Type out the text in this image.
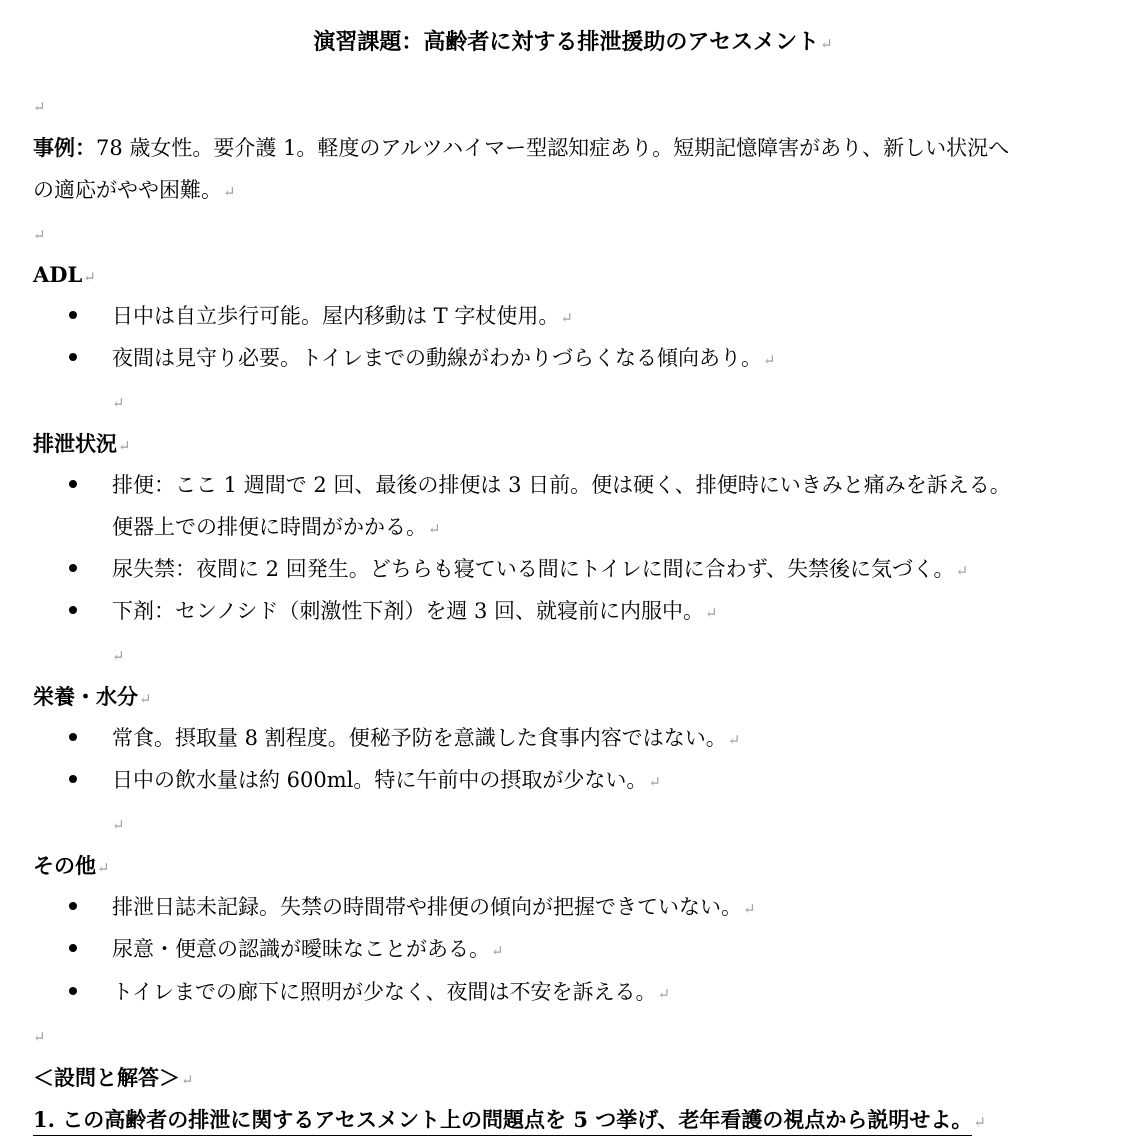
演習課題：高齢者に対する排泄援助のアセスメント↵
↵
事例：78 歳女性。要介護 1。軽度のアルツハイマー型認知症あり。短期記憶障害があり、新しい状況へ
の適応がやや困難。↵
↵
ADL↵
日中は自立歩行可能。屋内移動は T 字杖使用。↵
夜間は見守り必要。トイレまでの動線がわかりづらくなる傾向あり。↵
↵
排泄状況↵
排便：ここ 1 週間で 2 回、最後の排便は 3 日前。便は硬く、排便時にいきみと痛みを訴える。
便器上での排便に時間がかかる。↵
尿失禁：夜間に 2 回発生。どちらも寝ている間にトイレに間に合わず、失禁後に気づく。↵
下剤：センノシド（刺激性下剤）を週 3 回、就寝前に内服中。↵
↵
栄養・水分↵
常食。摂取量 8 割程度。便秘予防を意識した食事内容ではない。↵
日中の飲水量は約 600ml。特に午前中の摂取が少ない。↵
↵
その他↵
排泄日誌未記録。失禁の時間帯や排便の傾向が把握できていない。↵
尿意・便意の認識が曖昧なことがある。↵
トイレまでの廊下に照明が少なく、夜間は不安を訴える。↵
↵
＜設問と解答＞↵
1. この高齢者の排泄に関するアセスメント上の問題点を 5 つ挙げ、老年看護の視点から説明せよ。↵
